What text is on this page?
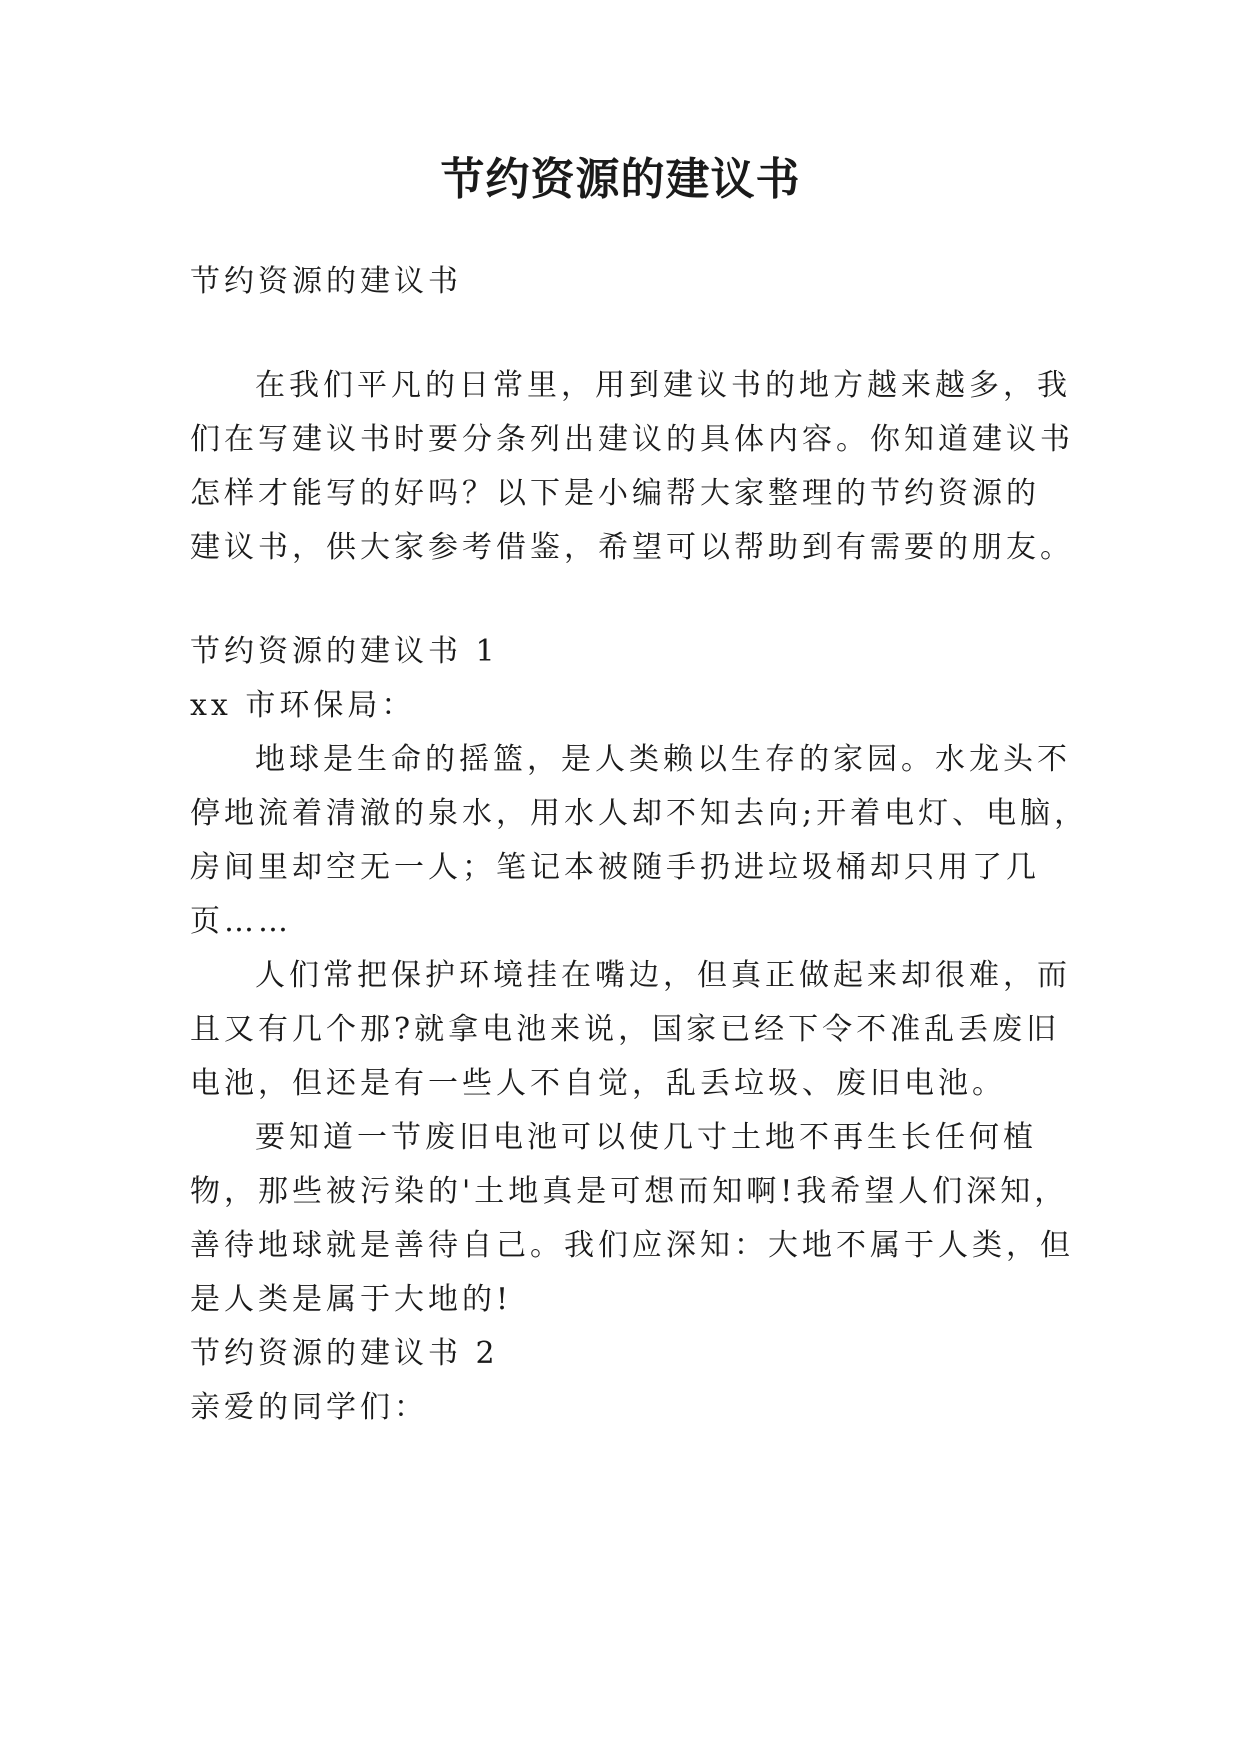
节约资源的建议书
节约资源的建议书
在我们平凡的日常里，用到建议书的地方越来越多，我
们在写建议书时要分条列出建议的具体内容。你知道建议书
怎样才能写的好吗？以下是小编帮大家整理的节约资源的
建议书，供大家参考借鉴，希望可以帮助到有需要的朋友。
节约资源的建议书 1
xx 市环保局：
地球是生命的摇篮，是人类赖以生存的家园。水龙头不
停地流着清澈的泉水，用水人却不知去向;开着电灯、电脑，
房间里却空无一人；笔记本被随手扔进垃圾桶却只用了几
页……
人们常把保护环境挂在嘴边，但真正做起来却很难，而
且又有几个那?就拿电池来说，国家已经下令不准乱丢废旧
电池，但还是有一些人不自觉，乱丢垃圾、废旧电池。
要知道一节废旧电池可以使几寸土地不再生长任何植
物，那些被污染的'土地真是可想而知啊!我希望人们深知，
善待地球就是善待自己。我们应深知：大地不属于人类，但
是人类是属于大地的!
节约资源的建议书 2
亲爱的同学们：
